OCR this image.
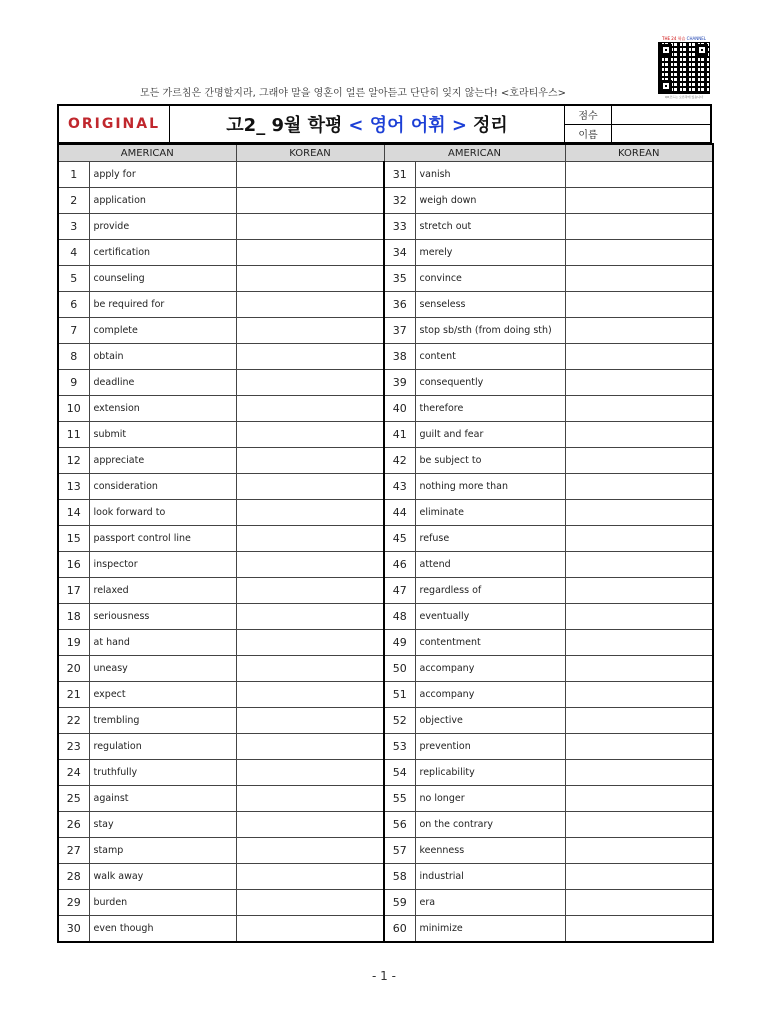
THE 24 학습 CHANNEL
QR코드는 오른쪽에 있습니다
모든 가르침은 간명할지라, 그래야 말을 영혼이 얼른 알아듣고 단단히 잊지 않는다! <호라티우스>
ORIGINAL	고2_ 9월 학평 < 영어 어휘 > 정리	점수
이름
AMERICAN		KOREAN	AMERICAN		KOREAN
1	apply for		31	vanish	
2	application		32	weigh down	
3	provide		33	stretch out	
4	certification		34	merely	
5	counseling		35	convince	
6	be required for		36	senseless	
7	complete		37	stop sb/sth (from doing sth)	
8	obtain		38	content	
9	deadline		39	consequently	
10	extension		40	therefore	
11	submit		41	guilt and fear	
12	appreciate		42	be subject to	
13	consideration		43	nothing more than	
14	look forward to		44	eliminate	
15	passport control line		45	refuse	
16	inspector		46	attend	
17	relaxed		47	regardless of	
18	seriousness		48	eventually	
19	at hand		49	contentment	
20	uneasy		50	accompany	
21	expect		51	accompany	
22	trembling		52	objective	
23	regulation		53	prevention	
24	truthfully		54	replicability	
25	against		55	no longer	
26	stay		56	on the contrary	
27	stamp		57	keenness	
28	walk away		58	industrial	
29	burden		59	era	
30	even though		60	minimize	
- 1 -
